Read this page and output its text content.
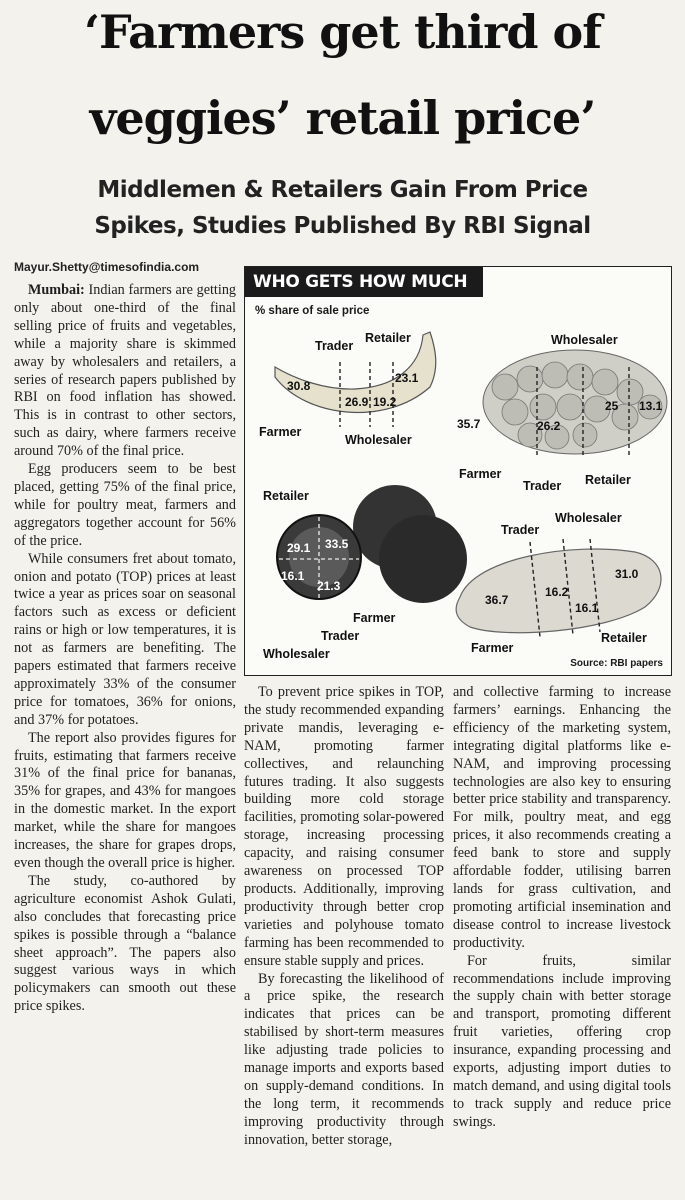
‘Farmers get third of
veggies’ retail price’
Middlemen & Retailers Gain From Price
Spikes, Studies Published By RBI Signal
Mayur.Shetty@timesofindia.com

Mumbai: Indian farmers are getting only about one-third of the final selling price of fruits and vegetables, while a majority share is skimmed away by wholesalers and retailers, a series of research papers published by RBI on food inflation has showed. This is in contrast to other sectors, such as dairy, where farmers receive around 70% of the final price.

Egg producers seem to be best placed, getting 75% of the final price, while for poultry meat, farmers and aggregators together account for 56% of the price.

While consumers fret about tomato, onion and potato (TOP) prices at least twice a year as prices soar on seasonal factors such as excess or deficient rains or high or low temperatures, it is not as farmers are benefiting. The papers estimated that farmers receive approximately 33% of the consumer price for tomatoes, 36% for onions, and 37% for potatoes.

The report also provides figures for fruits, estimating that farmers receive 31% of the final price for bananas, 35% for grapes, and 43% for mangoes in the domestic market. In the export market, while the share for mangoes increases, the share for grapes drops, even though the overall price is higher.

The study, co-authored by agriculture economist Ashok Gulati, also concludes that forecasting price spikes is possible through a “balance sheet approach”. The papers also suggest various ways in which policymakers can smooth out these price spikes.

WHO GETS HOW MUCH
% share of sale price
30.8
26.9 19.2
23.1
Farmer
Trader
Retailer
Wholesaler
Wholesaler
35.7	26.2
25 13.1
Farmer
Trader Retailer
Retailer
29.1 33.5
16.1
21.3
Farmer
Trader
Wholesaler
Trader
Wholesaler
36.7
16.2
16.1
31.0
Farmer
Retailer
Source: RBI papers

To prevent price spikes in TOP, the study recommended expanding private mandis, leveraging e-NAM, promoting farmer collectives, and relaunching futures trading. It also suggests building more cold storage facilities, promoting solar-powered storage, increasing processing capacity, and raising consumer awareness on processed TOP products. Additionally, improving productivity through better crop varieties and polyhouse tomato farming has been recommended to ensure stable supply and prices.

By forecasting the likelihood of a price spike, the research indicates that prices can be stabilised by short-term measures like adjusting trade policies to manage imports and exports based on supply-demand conditions. In the long term, it recommends improving productivity through innovation, better storage,

and collective farming to increase farmers’ earnings. Enhancing the efficiency of the marketing system, integrating digital platforms like e-NAM, and improving processing technologies are also key to ensuring better price stability and transparency. For milk, poultry meat, and egg prices, it also recommends creating a feed bank to store and supply affordable fodder, utilising barren lands for grass cultivation, and promoting artificial insemination and disease control to increase livestock productivity.

For fruits, similar recommendations include improving the supply chain with better storage and transport, promoting different fruit varieties, offering crop insurance, expanding processing and exports, adjusting import duties to match demand, and using digital tools to track supply and reduce price swings.
